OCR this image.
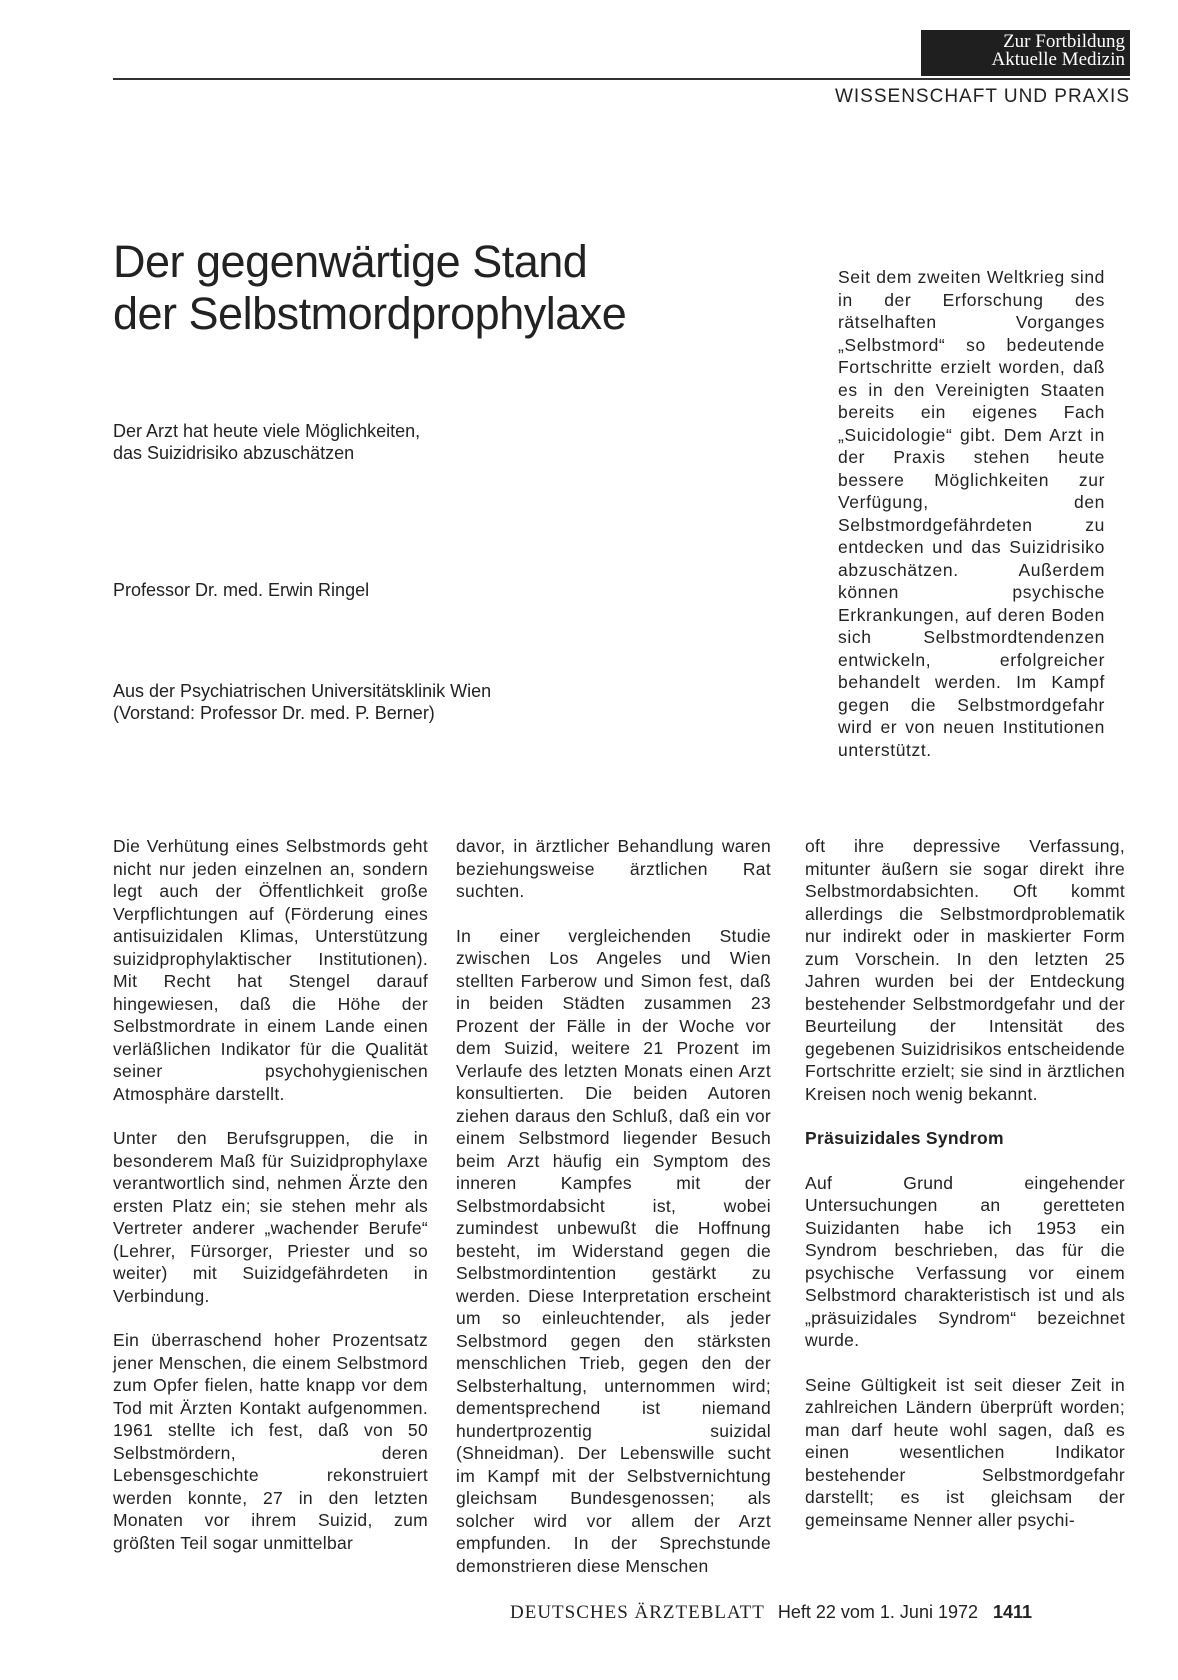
Zur Fortbildung
Aktuelle Medizin
WISSENSCHAFT UND PRAXIS
Der gegenwärtige Stand
der Selbstmordprophylaxe
Der Arzt hat heute viele Möglichkeiten,
das Suizidrisiko abzuschätzen
Professor Dr. med. Erwin Ringel
Aus der Psychiatrischen Universitätsklinik Wien
(Vorstand: Professor Dr. med. P. Berner)
Seit dem zweiten Weltkrieg sind in der Erforschung des rätselhaften Vorganges „Selbstmord“ so bedeutende Fortschritte erzielt worden, daß es in den Vereinigten Staaten bereits ein eigenes Fach „Suicidologie“ gibt. Dem Arzt in der Praxis stehen heute bessere Möglichkeiten zur Verfügung, den Selbstmordgefährdeten zu entdecken und das Suizidrisiko abzuschätzen. Außerdem können psychische Erkrankungen, auf deren Boden sich Selbstmordtendenzen entwickeln, erfolgreicher behandelt werden. Im Kampf gegen die Selbstmordgefahr wird er von neuen Institutionen unterstützt.

Die Verhütung eines Selbstmords geht nicht nur jeden einzelnen an, sondern legt auch der Öffentlichkeit große Verpflichtungen auf (Förderung eines antisuizidalen Klimas, Unterstützung suizidprophylaktischer Institutionen). Mit Recht hat Stengel darauf hingewiesen, daß die Höhe der Selbstmordrate in einem Lande einen verläßlichen Indikator für die Qualität seiner psychohygienischen Atmosphäre darstellt.

Unter den Berufsgruppen, die in besonderem Maß für Suizidprophylaxe verantwortlich sind, nehmen Ärzte den ersten Platz ein; sie stehen mehr als Vertreter anderer „wachender Berufe“ (Lehrer, Fürsorger, Priester und so weiter) mit Suizidgefährdeten in Verbindung.

Ein überraschend hoher Prozentsatz jener Menschen, die einem Selbstmord zum Opfer fielen, hatte knapp vor dem Tod mit Ärzten Kontakt aufgenommen. 1961 stellte ich fest, daß von 50 Selbstmördern, deren Lebensgeschichte rekonstruiert werden konnte, 27 in den letzten Monaten vor ihrem Suizid, zum größten Teil sogar unmittelbar

davor, in ärztlicher Behandlung waren beziehungsweise ärztlichen Rat suchten.

In einer vergleichenden Studie zwischen Los Angeles und Wien stellten Farberow und Simon fest, daß in beiden Städten zusammen 23 Prozent der Fälle in der Woche vor dem Suizid, weitere 21 Prozent im Verlaufe des letzten Monats einen Arzt konsultierten. Die beiden Autoren ziehen daraus den Schluß, daß ein vor einem Selbstmord liegender Besuch beim Arzt häufig ein Symptom des inneren Kampfes mit der Selbstmordabsicht ist, wobei zumindest unbewußt die Hoffnung besteht, im Widerstand gegen die Selbstmordintention gestärkt zu werden. Diese Interpretation erscheint um so einleuchtender, als jeder Selbstmord gegen den stärksten menschlichen Trieb, gegen den der Selbsterhaltung, unternommen wird; dementsprechend ist niemand hundertprozentig suizidal (Shneidman). Der Lebenswille sucht im Kampf mit der Selbstvernichtung gleichsam Bundesgenossen; als solcher wird vor allem der Arzt empfunden. In der Sprechstunde demonstrieren diese Menschen

oft ihre depressive Verfassung, mitunter äußern sie sogar direkt ihre Selbstmordabsichten. Oft kommt allerdings die Selbstmordproblematik nur indirekt oder in maskierter Form zum Vorschein. In den letzten 25 Jahren wurden bei der Entdeckung bestehender Selbstmordgefahr und der Beurteilung der Intensität des gegebenen Suizidrisikos entscheidende Fortschritte erzielt; sie sind in ärztlichen Kreisen noch wenig bekannt.

Präsuizidales Syndrom

Auf Grund eingehender Untersuchungen an geretteten Suizidanten habe ich 1953 ein Syndrom beschrieben, das für die psychische Verfassung vor einem Selbstmord charakteristisch ist und als „präsuizidales Syndrom“ bezeichnet wurde.

Seine Gültigkeit ist seit dieser Zeit in zahlreichen Ländern überprüft worden; man darf heute wohl sagen, daß es einen wesentlichen Indikator bestehender Selbstmordgefahr darstellt; es ist gleichsam der gemeinsame Nenner aller psychi-

DEUTSCHES ÄRZTEBLATT Heft 22 vom 1. Juni 1972 1411
